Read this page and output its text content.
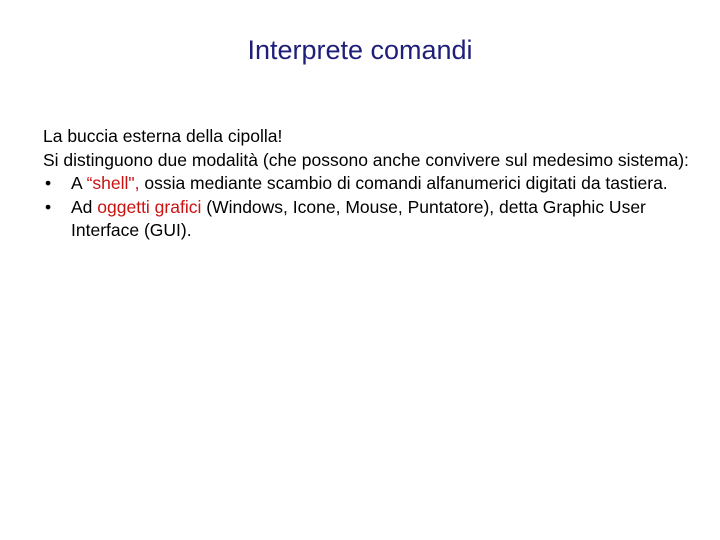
Interprete comandi

La buccia esterna della cipolla!

Si distinguono due modalità (che possono anche convivere sul medesimo sistema):

•	A “shell", ossia mediante scambio di comandi alfanumerici digitati da tastiera.

•	Ad oggetti grafici (Windows, Icone, Mouse, Puntatore), detta Graphic User Interface (GUI).
